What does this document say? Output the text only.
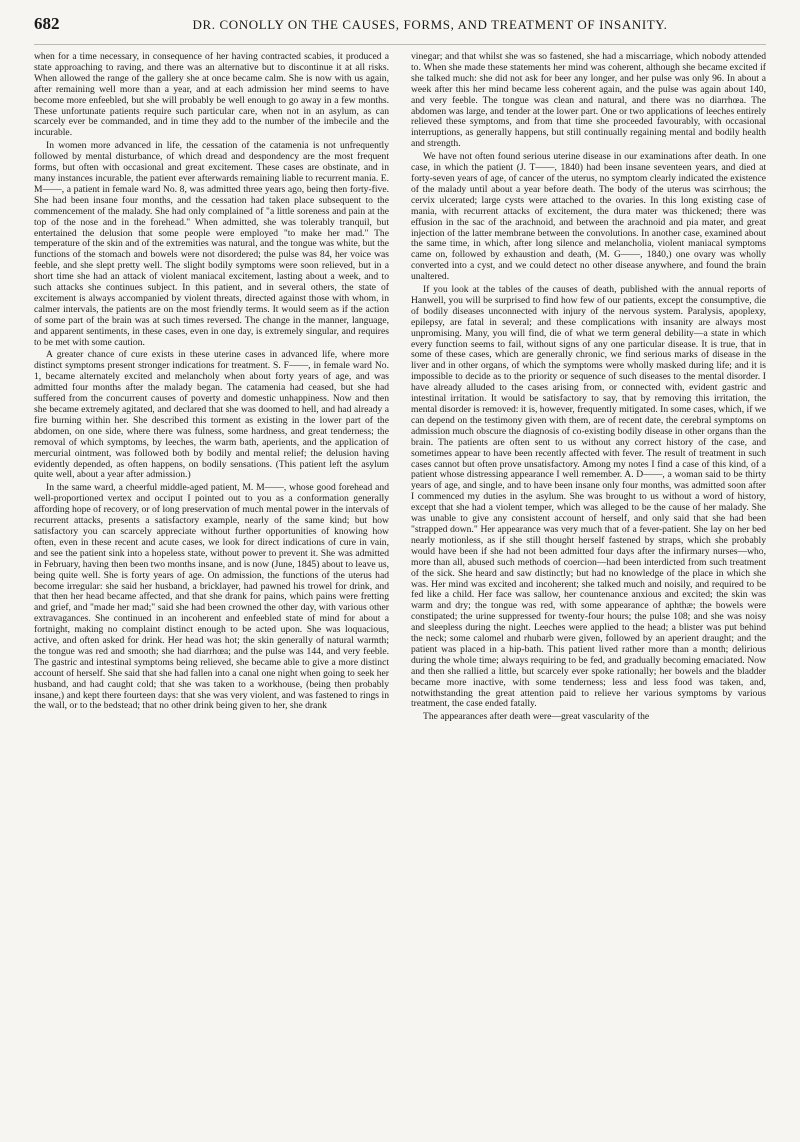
682	DR. CONOLLY ON THE CAUSES, FORMS, AND TREATMENT OF INSANITY.

when for a time necessary, in consequence of her having contracted scabies, it produced a state approaching to raving, and there was an alternative but to discontinue it at all risks. When allowed the range of the gallery she at once became calm. She is now with us again, after remaining well more than a year, and at each admission her mind seems to have become more enfeebled, but she will probably be well enough to go away in a few months. These unfortunate patients require such particular care, when not in an asylum, as can scarcely ever be commanded, and in time they add to the number of the imbecile and the incurable.

In women more advanced in life, the cessation of the catamenia is not unfrequently followed by mental disturbance, of which dread and despondency are the most frequent forms, but often with occasional and great excitement. These cases are obstinate, and in many instances incurable, the patient ever afterwards remaining liable to recurrent mania. E. M——, a patient in female ward No. 8, was admitted three years ago, being then forty-five. She had been insane four months, and the cessation had taken place subsequent to the commencement of the malady. She had only complained of "a little soreness and pain at the top of the nose and in the forehead." When admitted, she was tolerably tranquil, but entertained the delusion that some people were employed "to make her mad." The temperature of the skin and of the extremities was natural, and the tongue was white, but the functions of the stomach and bowels were not disordered; the pulse was 84, her voice was feeble, and she slept pretty well. The slight bodily symptoms were soon relieved, but in a short time she had an attack of violent maniacal excitement, lasting about a week, and to such attacks she continues subject. In this patient, and in several others, the state of excitement is always accompanied by violent threats, directed against those with whom, in calmer intervals, the patients are on the most friendly terms. It would seem as if the action of some part of the brain was at such times reversed. The change in the manner, language, and apparent sentiments, in these cases, even in one day, is extremely singular, and requires to be met with some caution.

A greater chance of cure exists in these uterine cases in advanced life, where more distinct symptoms present stronger indications for treatment. S. F——, in female ward No. 1, became alternately excited and melancholy when about forty years of age, and was admitted four months after the malady began. The catamenia had ceased, but she had suffered from the concurrent causes of poverty and domestic unhappiness. Now and then she became extremely agitated, and declared that she was doomed to hell, and had already a fire burning within her. She described this torment as existing in the lower part of the abdomen, on one side, where there was fulness, some hardness, and great tenderness; the removal of which symptoms, by leeches, the warm bath, aperients, and the application of mercurial ointment, was followed both by bodily and mental relief; the delusion having evidently depended, as often happens, on bodily sensations. (This patient left the asylum quite well, about a year after admission.)

In the same ward, a cheerful middle-aged patient, M. M——, whose good forehead and well-proportioned vertex and occiput I pointed out to you as a conformation generally affording hope of recovery, or of long preservation of much mental power in the intervals of recurrent attacks, presents a satisfactory example, nearly of the same kind; but how satisfactory you can scarcely appreciate without further opportunities of knowing how often, even in these recent and acute cases, we look for direct indications of cure in vain, and see the patient sink into a hopeless state, without power to prevent it. She was admitted in February, having then been two months insane, and is now (June, 1845) about to leave us, being quite well. She is forty years of age. On admission, the functions of the uterus had become irregular: she said her husband, a bricklayer, had pawned his trowel for drink, and that then her head became affected, and that she drank for pains, which pains were fretting and grief, and "made her mad;" said she had been crowned the other day, with various other extravagances. She continued in an incoherent and enfeebled state of mind for about a fortnight, making no complaint distinct enough to be acted upon. She was loquacious, active, and often asked for drink. Her head was hot; the skin generally of natural warmth; the tongue was red and smooth; she had diarrhœa; and the pulse was 144, and very feeble. The gastric and intestinal symptoms being relieved, she became able to give a more distinct account of herself. She said that she had fallen into a canal one night when going to seek her husband, and had caught cold; that she was taken to a workhouse, (being then probably insane,) and kept there fourteen days: that she was very violent, and was fastened to rings in the wall, or to the bedstead; that no other drink being given to her, she drank

vinegar; and that whilst she was so fastened, she had a miscarriage, which nobody attended to. When she made these statements her mind was coherent, although she became excited if she talked much: she did not ask for beer any longer, and her pulse was only 96. In about a week after this her mind became less coherent again, and the pulse was again about 140, and very feeble. The tongue was clean and natural, and there was no diarrhœa. The abdomen was large, and tender at the lower part. One or two applications of leeches entirely relieved these symptoms, and from that time she proceeded favourably, with occasional interruptions, as generally happens, but still continually regaining mental and bodily health and strength.

We have not often found serious uterine disease in our examinations after death. In one case, in which the patient (J. T——, 1840) had been insane seventeen years, and died at forty-seven years of age, of cancer of the uterus, no symptom clearly indicated the existence of the malady until about a year before death. The body of the uterus was scirrhous; the cervix ulcerated; large cysts were attached to the ovaries. In this long existing case of mania, with recurrent attacks of excitement, the dura mater was thickened; there was effusion in the sac of the arachnoid, and between the arachnoid and pia mater, and great injection of the latter membrane between the convolutions. In another case, examined about the same time, in which, after long silence and melancholia, violent maniacal symptoms came on, followed by exhaustion and death, (M. G——, 1840,) one ovary was wholly converted into a cyst, and we could detect no other disease anywhere, and found the brain unaltered.

If you look at the tables of the causes of death, published with the annual reports of Hanwell, you will be surprised to find how few of our patients, except the consumptive, die of bodily diseases unconnected with injury of the nervous system. Paralysis, apoplexy, epilepsy, are fatal in several; and these complications with insanity are always most unpromising. Many, you will find, die of what we term general debility—a state in which every function seems to fail, without signs of any one particular disease. It is true, that in some of these cases, which are generally chronic, we find serious marks of disease in the liver and in other organs, of which the symptoms were wholly masked during life; and it is impossible to decide as to the priority or sequence of such diseases to the mental disorder. I have already alluded to the cases arising from, or connected with, evident gastric and intestinal irritation. It would be satisfactory to say, that by removing this irritation, the mental disorder is removed: it is, however, frequently mitigated. In some cases, which, if we can depend on the testimony given with them, are of recent date, the cerebral symptoms on admission much obscure the diagnosis of co-existing bodily disease in other organs than the brain. The patients are often sent to us without any correct history of the case, and sometimes appear to have been recently affected with fever. The result of treatment in such cases cannot but often prove unsatisfactory. Among my notes I find a case of this kind, of a patient whose distressing appearance I well remember. A. D——, a woman said to be thirty years of age, and single, and to have been insane only four months, was admitted soon after I commenced my duties in the asylum. She was brought to us without a word of history, except that she had a violent temper, which was alleged to be the cause of her malady. She was unable to give any consistent account of herself, and only said that she had been "strapped down." Her appearance was very much that of a fever-patient. She lay on her bed nearly motionless, as if she still thought herself fastened by straps, which she probably would have been if she had not been admitted four days after the infirmary nurses—who, more than all, abused such methods of coercion—had been interdicted from such treatment of the sick. She heard and saw distinctly; but had no knowledge of the place in which she was. Her mind was excited and incoherent; she talked much and noisily, and required to be fed like a child. Her face was sallow, her countenance anxious and excited; the skin was warm and dry; the tongue was red, with some appearance of aphthæ; the bowels were constipated; the urine suppressed for twenty-four hours; the pulse 108; and she was noisy and sleepless during the night. Leeches were applied to the head; a blister was put behind the neck; some calomel and rhubarb were given, followed by an aperient draught; and the patient was placed in a hip-bath. This patient lived rather more than a month; delirious during the whole time; always requiring to be fed, and gradually becoming emaciated. Now and then she rallied a little, but scarcely ever spoke rationally; her bowels and the bladder became more inactive, with some tenderness; less and less food was taken, and, notwithstanding the great attention paid to relieve her various symptoms by various treatment, the case ended fatally.

The appearances after death were—great vascularity of the
